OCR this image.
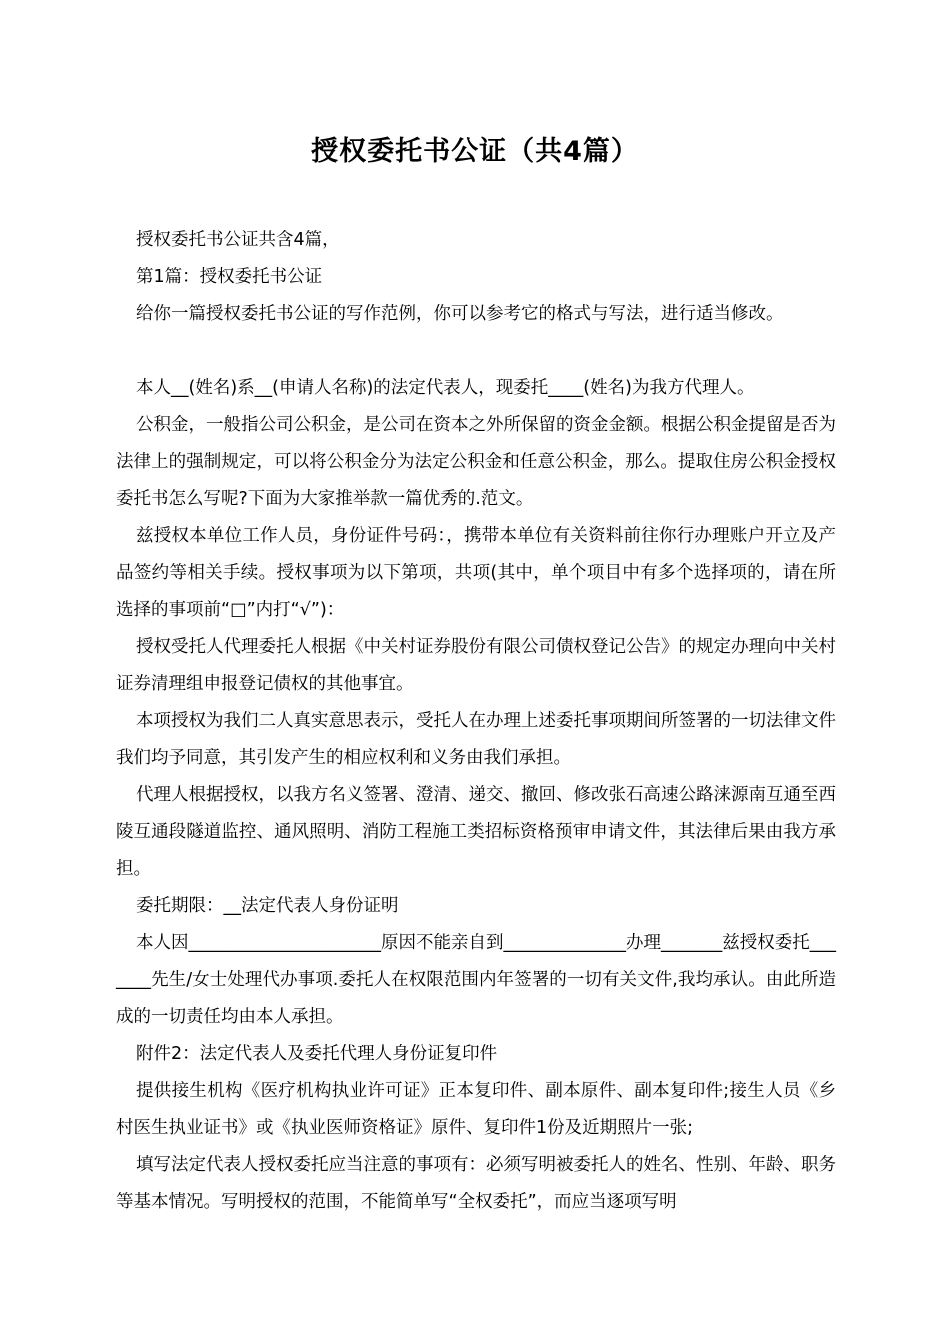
授权委托书公证（共4篇）

授权委托书公证共含4篇，

第1篇：授权委托书公证

给你一篇授权委托书公证的写作范例，你可以参考它的格式与写法，进行适当修改。

本人__(姓名)系__(申请人名称)的法定代表人，现委托____(姓名)为我方代理人。

公积金，一般指公司公积金，是公司在资本之外所保留的资金金额。根据公积金提留是否为法律上的强制规定，可以将公积金分为法定公积金和任意公积金，那么。提取住房公积金授权委托书怎么写呢?下面为大家推举款一篇优秀的.范文。

兹授权本单位工作人员，身份证件号码：，携带本单位有关资料前往你行办理账户开立及产品签约等相关手续。授权事项为以下第项，共项(其中，单个项目中有多个选择项的，请在所选择的事项前“□”内打“√”)：

授权受托人代理委托人根据《中关村证券股份有限公司债权登记公告》的规定办理向中关村证券清理组申报登记债权的其他事宜。

本项授权为我们二人真实意思表示，受托人在办理上述委托事项期间所签署的一切法律文件我们均予同意，其引发产生的相应权利和义务由我们承担。

代理人根据授权，以我方名义签署、澄清、递交、撤回、修改张石高速公路涞源南互通至西陵互通段隧道监控、通风照明、消防工程施工类招标资格预审申请文件，其法律后果由我方承担。

委托期限：__法定代表人身份证明

本人因______________________原因不能亲自到______________办理_______兹授权委托_______先生/女士处理代办事项.委托人在权限范围内年签署的一切有关文件,我均承认。由此所造成的一切责任均由本人承担。

附件2：法定代表人及委托代理人身份证复印件

提供接生机构《医疗机构执业许可证》正本复印件、副本原件、副本复印件;接生人员《乡村医生执业证书》或《执业医师资格证》原件、复印件1份及近期照片一张;

填写法定代表人授权委托应当注意的事项有：必须写明被委托人的姓名、性别、年龄、职务等基本情况。写明授权的范围，不能简单写“全权委托”，而应当逐项写明
